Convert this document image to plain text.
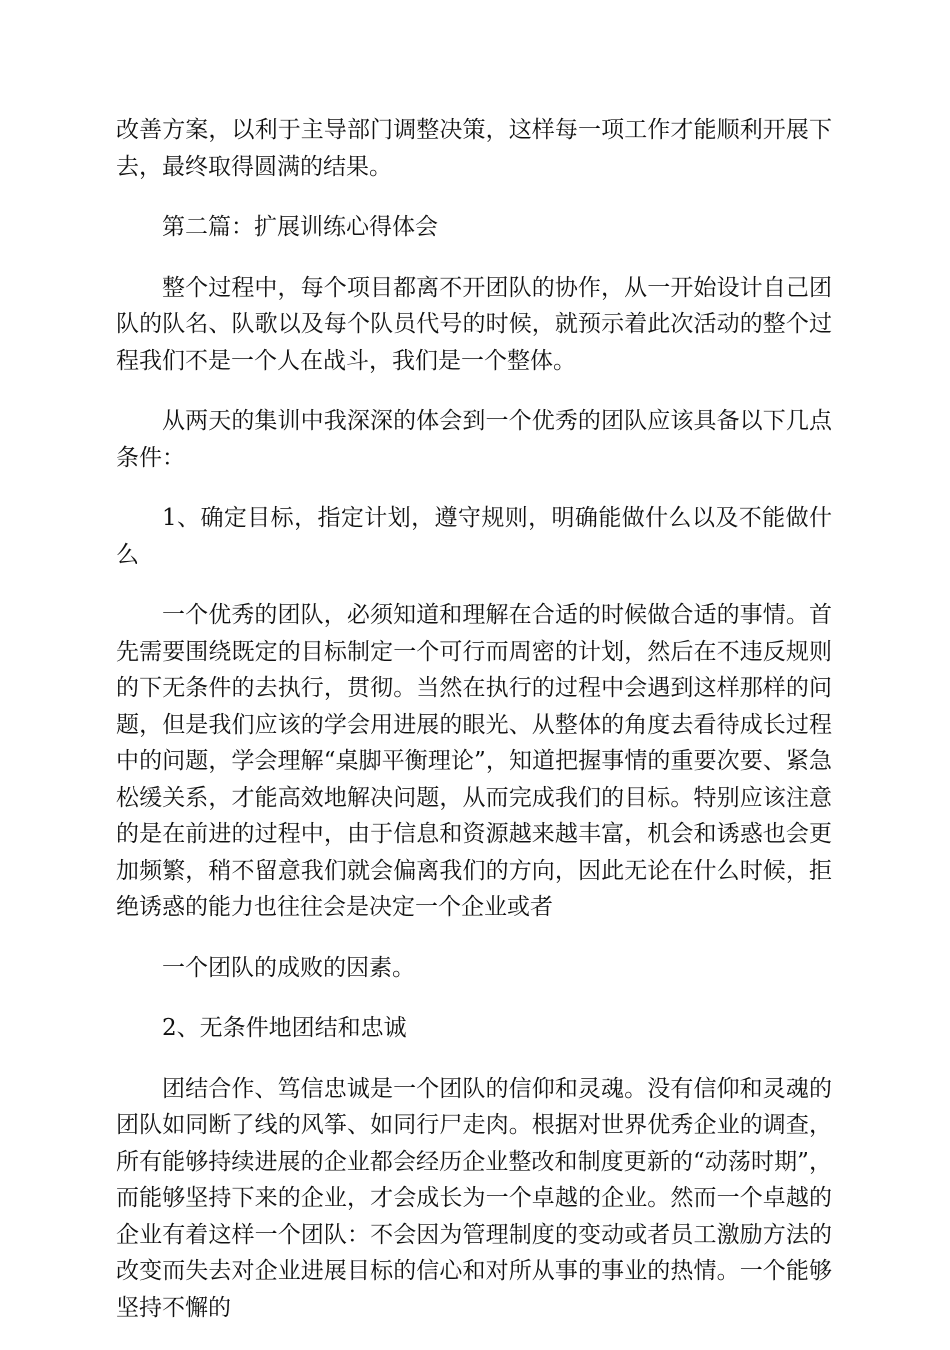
改善方案，以利于主导部门调整决策，这样每一项工作才能顺利开展下去，最终取得圆满的结果。

第二篇：扩展训练心得体会

整个过程中，每个项目都离不开团队的协作，从一开始设计自己团队的队名、队歌以及每个队员代号的时候，就预示着此次活动的整个过程我们不是一个人在战斗，我们是一个整体。

从两天的集训中我深深的体会到一个优秀的团队应该具备以下几点条件：

1、确定目标，指定计划，遵守规则，明确能做什么以及不能做什么

一个优秀的团队，必须知道和理解在合适的时候做合适的事情。首先需要围绕既定的目标制定一个可行而周密的计划，然后在不违反规则的下无条件的去执行，贯彻。当然在执行的过程中会遇到这样那样的问题，但是我们应该的学会用进展的眼光、从整体的角度去看待成长过程中的问题，学会理解“桌脚平衡理论”，知道把握事情的重要次要、紧急松缓关系，才能高效地解决问题，从而完成我们的目标。特别应该注意的是在前进的过程中，由于信息和资源越来越丰富，机会和诱惑也会更加频繁，稍不留意我们就会偏离我们的方向，因此无论在什么时候，拒绝诱惑的能力也往往会是决定一个企业或者

一个团队的成败的因素。

2、无条件地团结和忠诚

团结合作、笃信忠诚是一个团队的信仰和灵魂。没有信仰和灵魂的团队如同断了线的风筝、如同行尸走肉。根据对世界优秀企业的调查，所有能够持续进展的企业都会经历企业整改和制度更新的“动荡时期”，而能够坚持下来的企业，才会成长为一个卓越的企业。然而一个卓越的企业有着这样一个团队：不会因为管理制度的变动或者员工激励方法的改变而失去对企业进展目标的信心和对所从事的事业的热情。一个能够坚持不懈的
